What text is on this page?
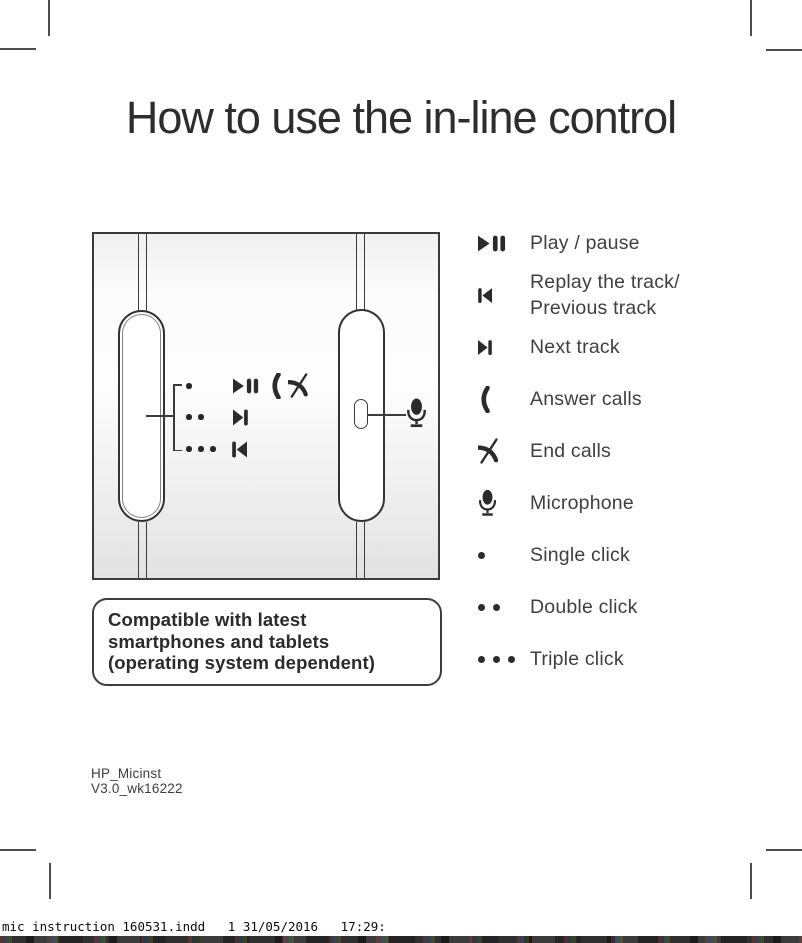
How to use the in-line control
Play / pause
Replay the track/
Previous track
Next track
Answer calls
End calls
Microphone
Single click
Double click
Triple click
Compatible with latest
smartphones and tablets
(operating system dependent)
HP_Micinst
V3.0_wk16222
mic instruction 160531.indd   1 31/05/2016   17:29:
